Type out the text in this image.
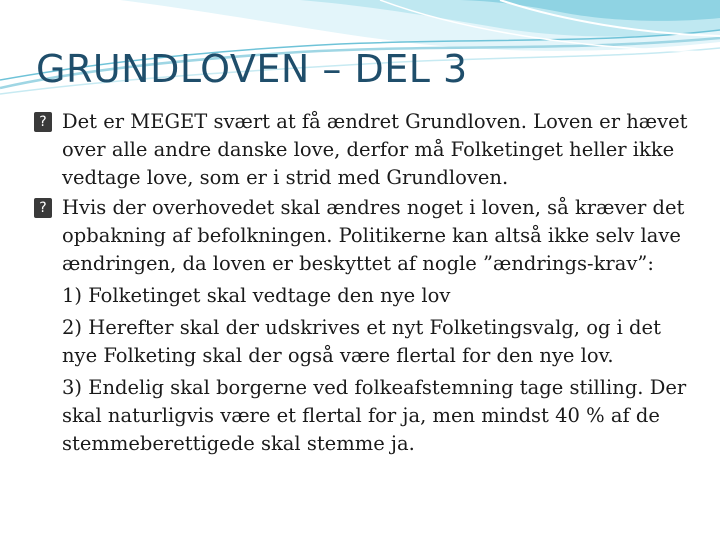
GRUNDLOVEN – DEL 3
?
Det er MEGET svært at få ændret Grundloven. Loven er hævet over alle andre danske love, derfor må Folketinget heller ikke vedtage love, som er i strid med Grundloven.
?
Hvis der overhovedet skal ændres noget i loven, så kræver det opbakning af befolkningen. Politikerne kan altså ikke selv lave ændringen, da loven er beskyttet af nogle ”ændrings-krav”:
1) Folketinget skal vedtage den nye lov
2) Herefter skal der udskrives et nyt Folketingsvalg, og i det nye Folketing skal der også være flertal for den nye lov.
3) Endelig skal borgerne ved folkeafstemning tage stilling. Der skal naturligvis være et flertal for ja, men mindst 40 % af de stemmeberettigede skal stemme ja.
